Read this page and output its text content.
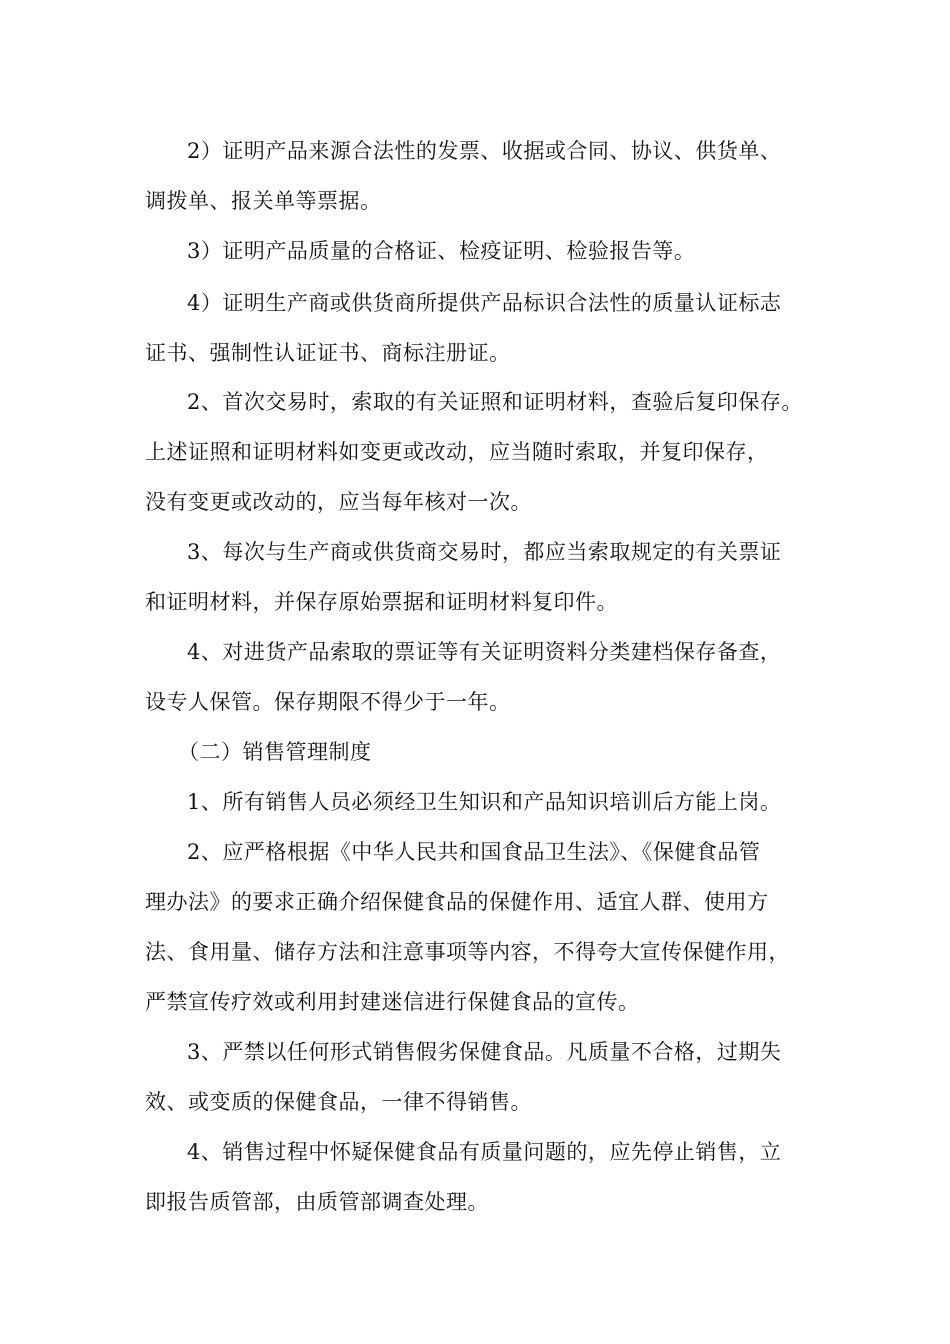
2）证明产品来源合法性的发票、收据或合同、协议、供货单、
调拨单、报关单等票据。
3）证明产品质量的合格证、检疫证明、检验报告等。
4）证明生产商或供货商所提供产品标识合法性的质量认证标志
证书、强制性认证证书、商标注册证。
2、首次交易时，索取的有关证照和证明材料，查验后复印保存。
上述证照和证明材料如变更或改动，应当随时索取，并复印保存，
没有变更或改动的，应当每年核对一次。
3、每次与生产商或供货商交易时，都应当索取规定的有关票证
和证明材料，并保存原始票据和证明材料复印件。
4、对进货产品索取的票证等有关证明资料分类建档保存备查，
设专人保管。保存期限不得少于一年。
（二）销售管理制度
1、所有销售人员必须经卫生知识和产品知识培训后方能上岗。
2、应严格根据《中华人民共和国食品卫生法》、《保健食品管
理办法》的要求正确介绍保健食品的保健作用、适宜人群、使用方
法、食用量、储存方法和注意事项等内容，不得夸大宣传保健作用，
严禁宣传疗效或利用封建迷信进行保健食品的宣传。
3、严禁以任何形式销售假劣保健食品。凡质量不合格，过期失
效、或变质的保健食品，一律不得销售。
4、销售过程中怀疑保健食品有质量问题的，应先停止销售，立
即报告质管部，由质管部调查处理。
